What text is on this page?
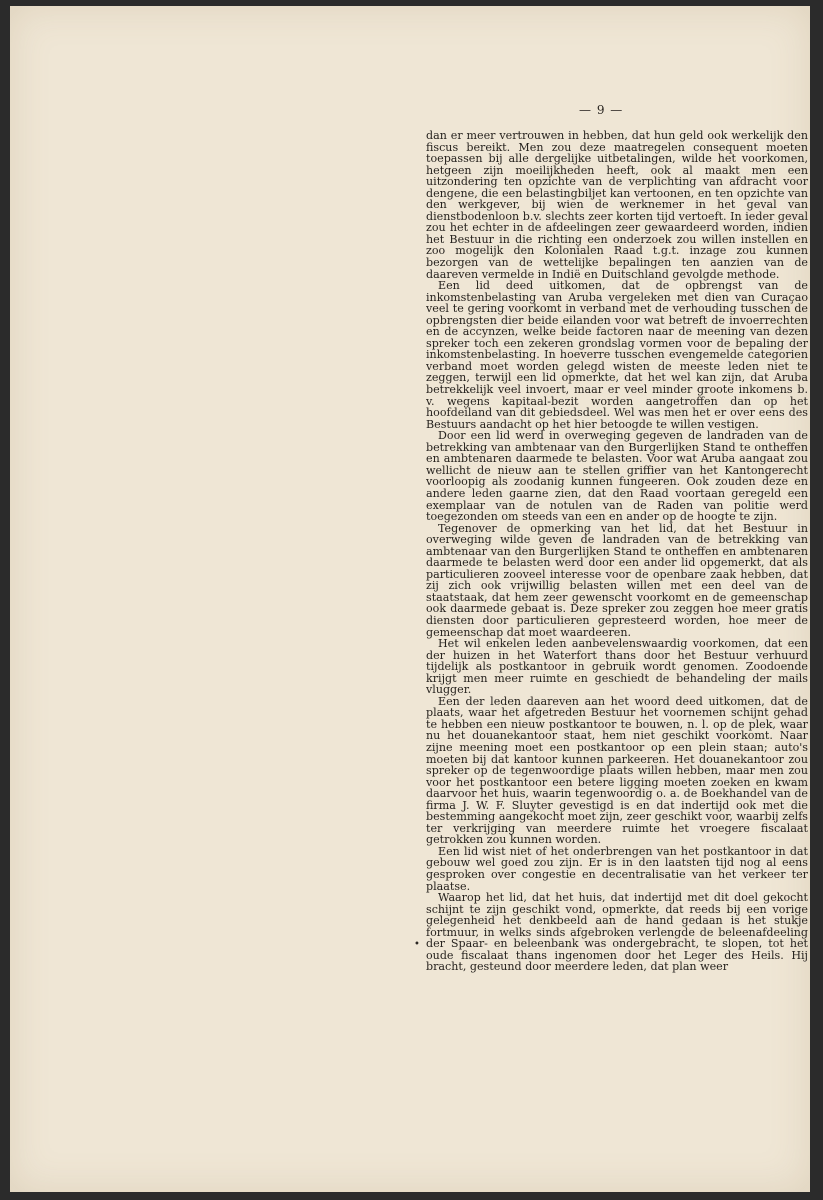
— 9 —
•

dan er meer vertrouwen in hebben, dat hun geld ook werkelijk den fiscus bereikt. Men zou deze maatregelen consequent moeten toepassen bij alle dergelijke uitbetalingen, wilde het voorkomen, hetgeen zijn moeilijkheden heeft, ook al maakt men een uitzondering ten opzichte van de verplichting van afdracht voor dengene, die een belastingbiljet kan vertoonen, en ten opzichte van den werkgever, bij wien de werknemer in het geval van dienstbodenloon b.v. slechts zeer korten tijd vertoeft. In ieder geval zou het echter in de afdeelingen zeer gewaardeerd worden, indien het Bestuur in die richting een onderzoek zou willen instellen en zoo mogelijk den Kolonialen Raad t.g.t. inzage zou kunnen bezorgen van de wettelijke bepalingen ten aanzien van de daareven vermelde in Indië en Duitschland gevolgde methode.

Een lid deed uitkomen, dat de opbrengst van de inkomstenbelasting van Aruba vergeleken met dien van Curaçao veel te gering voorkomt in verband met de verhouding tusschen de opbrengsten dier beide eilanden voor wat betreft de invoerrechten en de accynzen, welke beide factoren naar de meening van dezen spreker toch een zekeren grondslag vormen voor de bepaling der inkomstenbelasting. In hoeverre tusschen evengemelde categorien verband moet worden gelegd wisten de meeste leden niet te zeggen, terwijl een lid opmerkte, dat het wel kan zijn, dat Aruba betrekkelijk veel invoert, maar er veel minder groote inkomens b. v. wegens kapitaal-bezit worden aangetroffen dan op het hoofdeiland van dit gebiedsdeel. Wel was men het er over eens des Bestuurs aandacht op het hier betoogde te willen vestigen.

Door een lid werd in overweging gegeven de landraden van de betrekking van ambtenaar van den Burgerlijken Stand te ontheffen en ambtenaren daarmede te belasten. Voor wat Aruba aangaat zou wellicht de nieuw aan te stellen griffier van het Kantongerecht voorloopig als zoodanig kunnen fungeeren. Ook zouden deze en andere leden gaarne zien, dat den Raad voortaan geregeld een exemplaar van de notulen van de Raden van politie werd toegezonden om steeds van een en ander op de hoogte te zijn.

Tegenover de opmerking van het lid, dat het Bestuur in overweging wilde geven de landraden van de betrekking van ambtenaar van den Burgerlijken Stand te ontheffen en ambtenaren daarmede te belasten werd door een ander lid opgemerkt, dat als particulieren zooveel interesse voor de openbare zaak hebben, dat zij zich ook vrijwillig belasten willen met een deel van de staatstaak, dat hem zeer gewenscht voorkomt en de gemeenschap ook daarmede gebaat is. Deze spreker zou zeggen hoe meer gratis diensten door particulieren gepresteerd worden, hoe meer de gemeenschap dat moet waardeeren.

Het wil enkelen leden aanbevelenswaardig voorkomen, dat een der huizen in het Waterfort thans door het Bestuur verhuurd tijdelijk als postkantoor in gebruik wordt genomen. Zoodoende krijgt men meer ruimte en geschiedt de behandeling der mails vlugger.

Een der leden daareven aan het woord deed uitkomen, dat de plaats, waar het afgetreden Bestuur het voornemen schijnt gehad te hebben een nieuw postkantoor te bouwen, n. l. op de plek, waar nu het douanekantoor staat, hem niet geschikt voorkomt. Naar zijne meening moet een postkantoor op een plein staan; auto's moeten bij dat kantoor kunnen parkeeren. Het douanekantoor zou spreker op de tegenwoordige plaats willen hebben, maar men zou voor het postkantoor een betere ligging moeten zoeken en kwam daarvoor het huis, waarin tegenwoordig o. a. de Boekhandel van de firma J. W. F. Sluyter gevestigd is en dat indertijd ook met die bestemming aangekocht moet zijn, zeer geschikt voor, waarbij zelfs ter verkrijging van meerdere ruimte het vroegere fiscalaat getrokken zou kunnen worden.

Een lid wist niet of het onderbrengen van het postkantoor in dat gebouw wel goed zou zijn. Er is in den laatsten tijd nog al eens gesproken over congestie en decentralisatie van het verkeer ter plaatse.

Waarop het lid, dat het huis, dat indertijd met dit doel gekocht schijnt te zijn geschikt vond, opmerkte, dat reeds bij een vorige gelegenheid het denkbeeld aan de hand gedaan is het stukje fortmuur, in welks sinds afgebroken verlengde de beleenafdeeling der Spaar- en beleenbank was ondergebracht, te slopen, tot het oude fiscalaat thans ingenomen door het Leger des Heils. Hij bracht, gesteund door meerdere leden, dat plan weer
